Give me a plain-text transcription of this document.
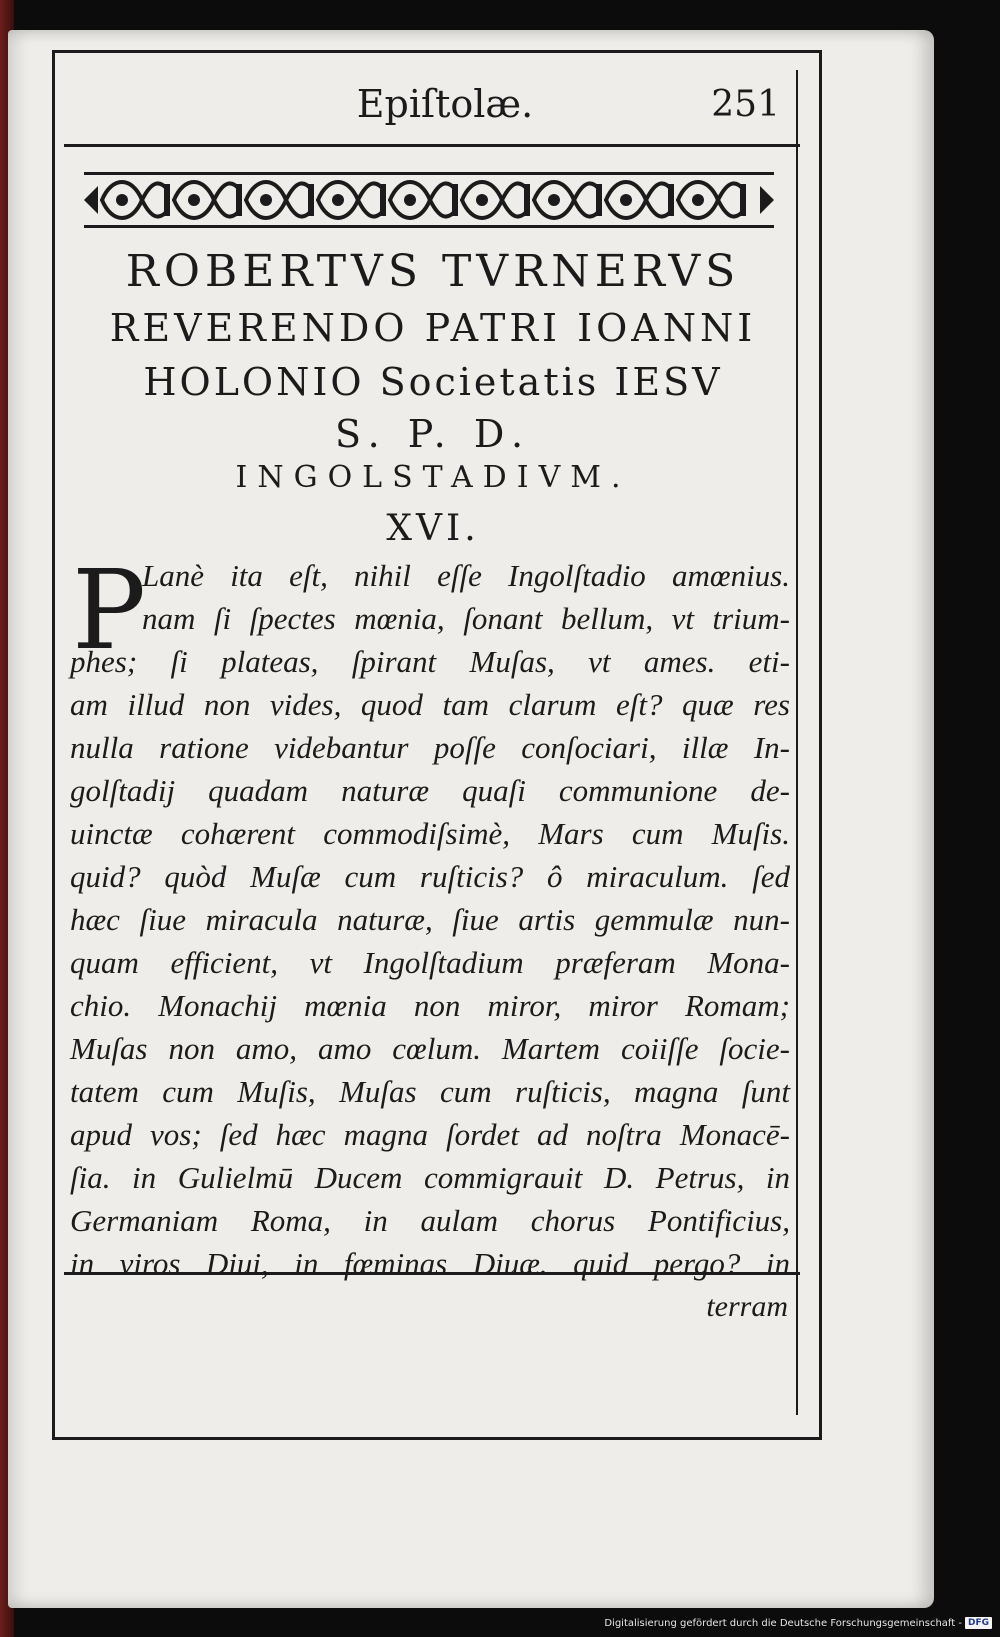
Epiſtolæ.	251
ROBERTVS TVRNERVS
REVERENDO PATRI IOANNI
HOLONIO Societatis IESV
S. P. D.
INGOLSTADIVM.
XVI.
P
Lanè ita eſt, nihil eſſe Ingolſtadio amœnius.
nam ſi ſpectes mœnia, ſonant bellum, vt trium-
phes; ſi plateas, ſpirant Muſas, vt ames. eti-
am illud non vides, quod tam clarum eſt? quæ res
nulla ratione videbantur poſſe conſociari, illæ In-
golſtadij quadam naturæ quaſi communione de-
uinctæ cohærent commodiſsimè, Mars cum Muſis.
quid? quòd Muſæ cum ruſticis? ô miraculum. ſed
hæc ſiue miracula naturæ, ſiue artis gemmulæ nun-
quam efficient, vt Ingolſtadium præferam Mona-
chio. Monachij mœnia non miror, miror Romam;
Muſas non amo, amo cœlum. Martem coiiſſe ſocie-
tatem cum Muſis, Muſas cum ruſticis, magna ſunt
apud vos; ſed hæc magna ſordet ad noſtra Monacē-
ſia. in Gulielmū Ducem commigrauit D. Petrus, in
Germaniam Roma, in aulam chorus Pontificius,
in viros Diui, in fœminas Diuæ. quid pergo? in
terram
Digitalisierung gefördert durch die Deutsche Forschungsgemeinschaft - DFG
